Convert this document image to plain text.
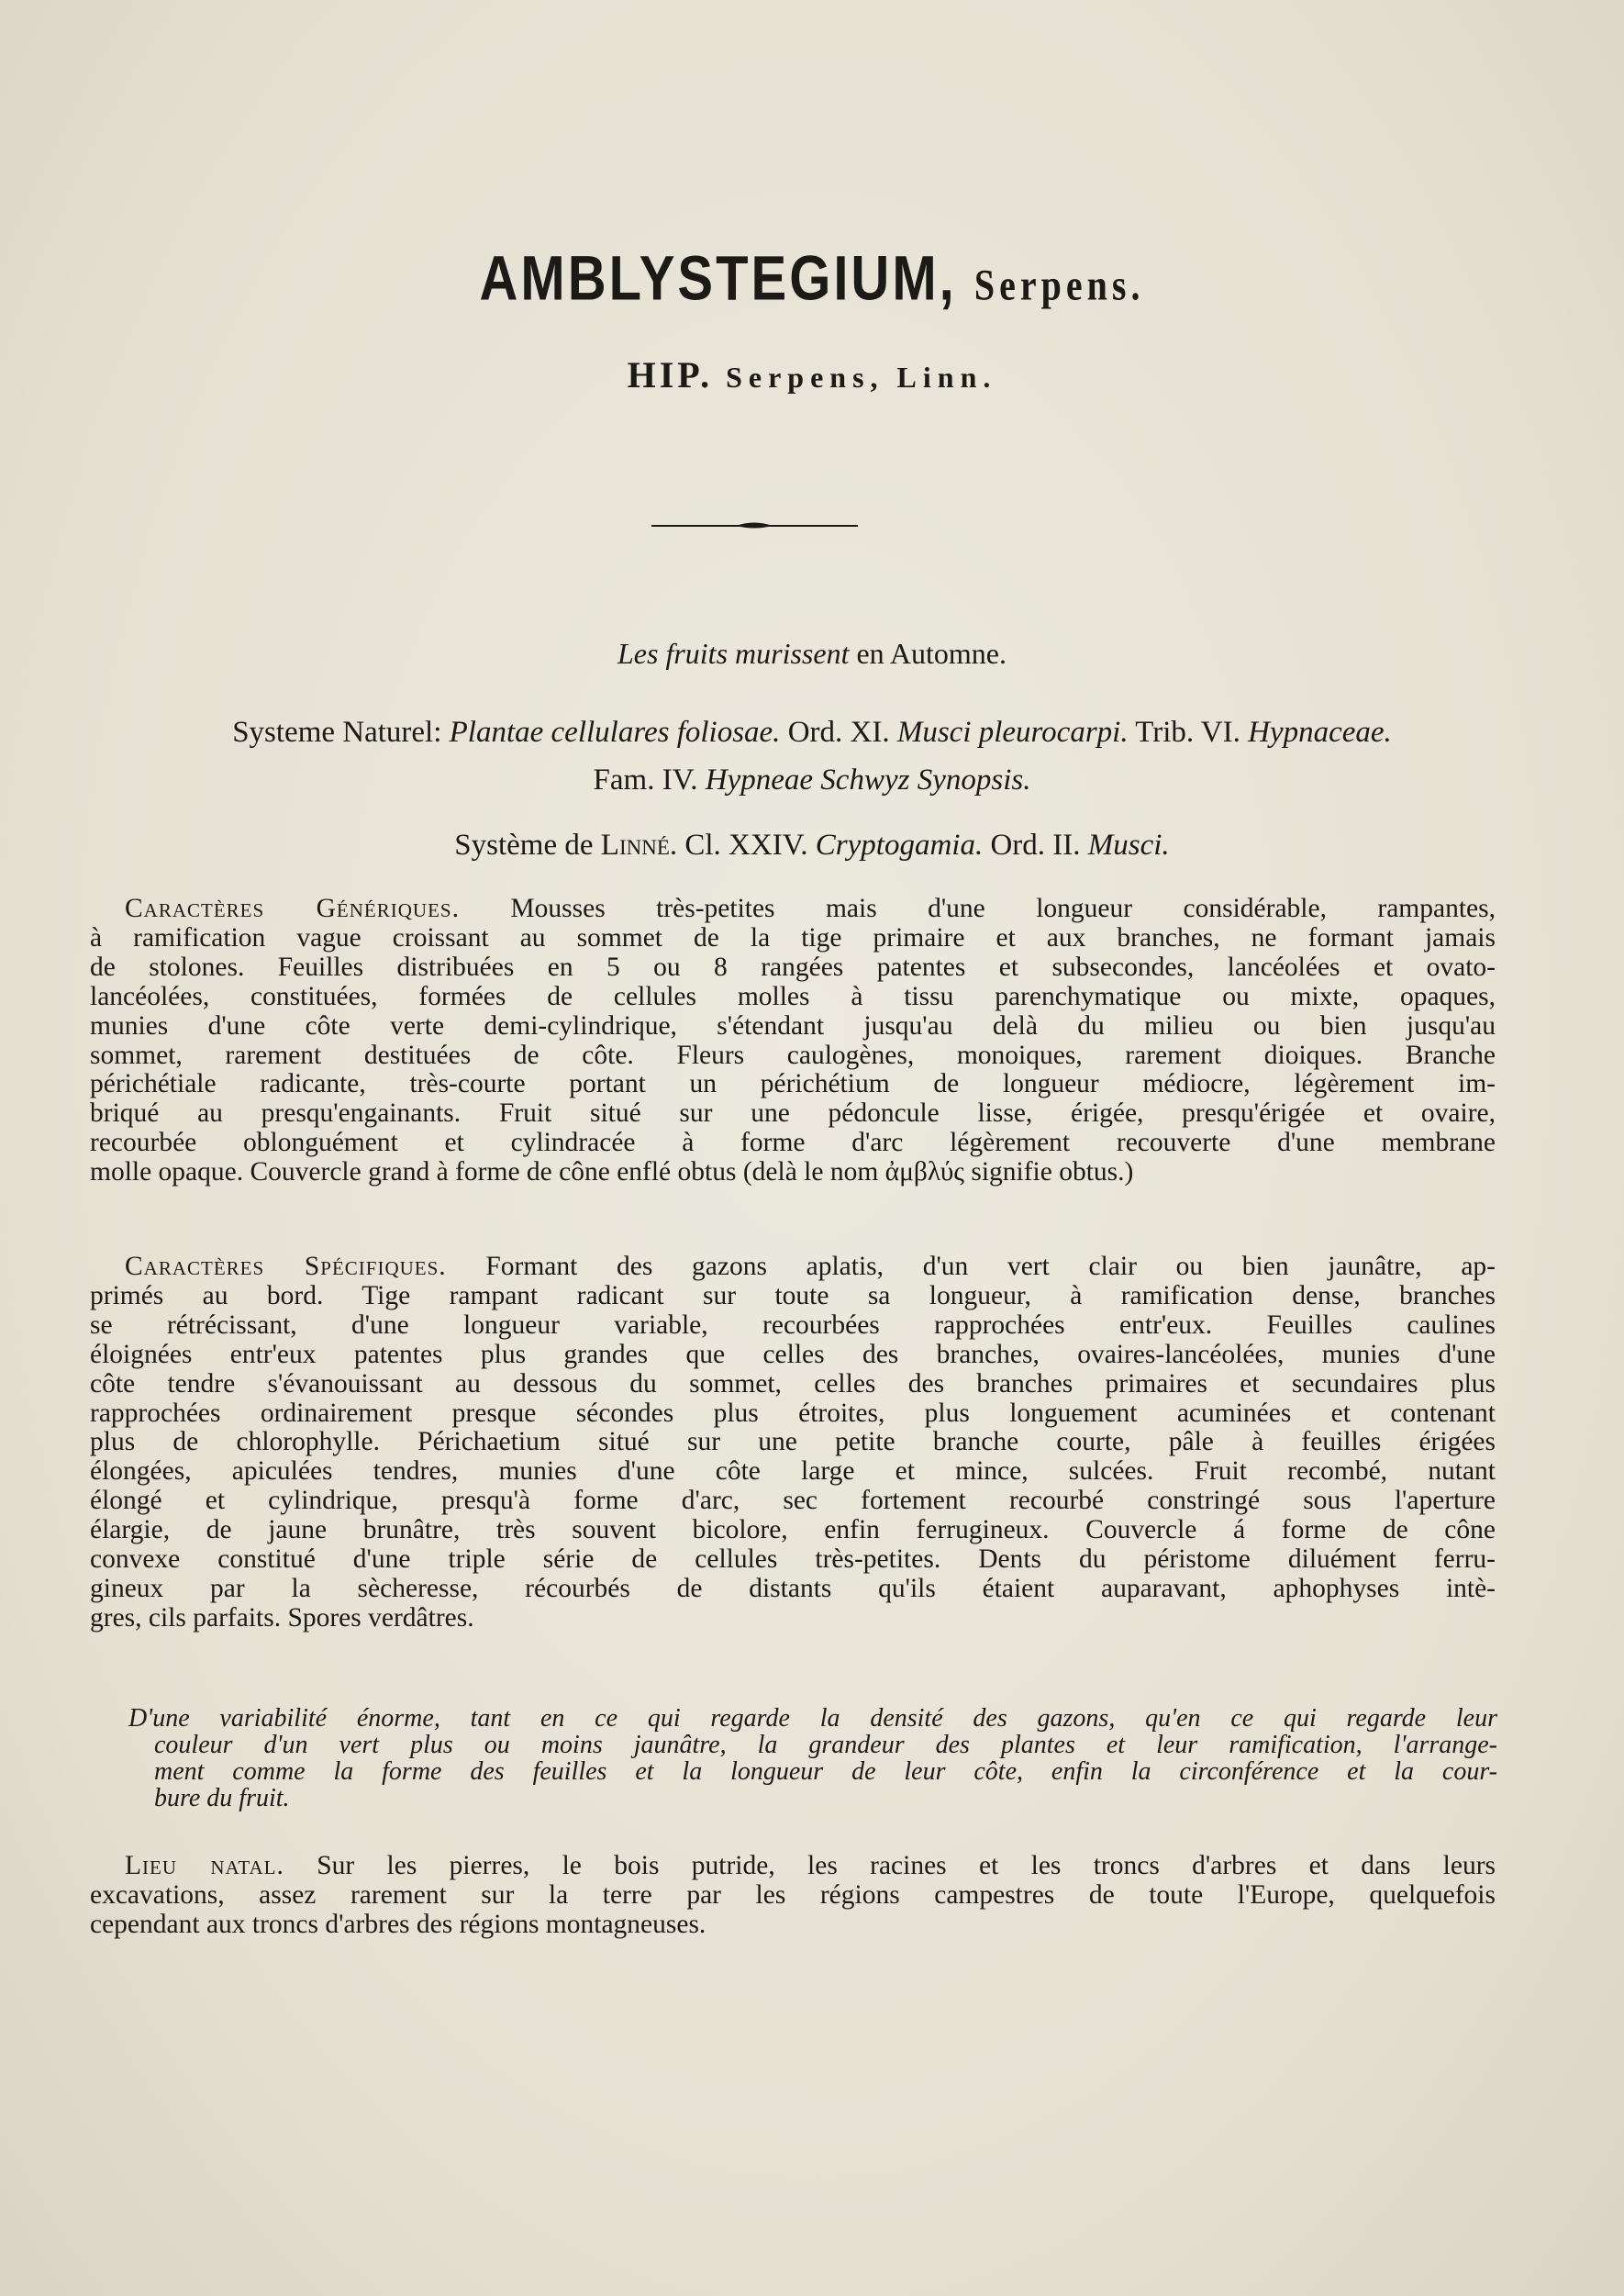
AMBLYSTEGIUM, Serpens.
HIP. Serpens, Linn.
Les fruits murissent en Automne.
Systeme Naturel: Plantae cellulares foliosae. Ord. XI. Musci pleurocarpi. Trib. VI. Hypnaceae.
Fam. IV. Hypneae Schwyz Synopsis.
Système de Linné. Cl. XXIV. Cryptogamia. Ord. II. Musci.
Caractères Génériques. Mousses très-petites mais d'une longueur considérable, rampantes,
à ramification vague croissant au sommet de la tige primaire et aux branches, ne formant jamais
de stolones. Feuilles distribuées en 5 ou 8 rangées patentes et subsecondes, lancéolées et ovato-
lancéolées, constituées, formées de cellules molles à tissu parenchymatique ou mixte, opaques,
munies d'une côte verte demi-cylindrique, s'étendant jusqu'au delà du milieu ou bien jusqu'au
sommet, rarement destituées de côte. Fleurs caulogènes, monoiques, rarement dioiques. Branche
périchétiale radicante, très-courte portant un périchétium de longueur médiocre, légèrement im-
briqué au presqu'engainants. Fruit situé sur une pédoncule lisse, érigée, presqu'érigée et ovaire,
recourbée oblonguément et cylindracée à forme d'arc légèrement recouverte d'une membrane
molle opaque. Couvercle grand à forme de cône enflé obtus (delà le nom ἀμβλύς signifie obtus.)
Caractères Spécifiques. Formant des gazons aplatis, d'un vert clair ou bien jaunâtre, ap-
primés au bord. Tige rampant radicant sur toute sa longueur, à ramification dense, branches
se rétrécissant, d'une longueur variable, recourbées rapprochées entr'eux. Feuilles caulines
éloignées entr'eux patentes plus grandes que celles des branches, ovaires-lancéolées, munies d'une
côte tendre s'évanouissant au dessous du sommet, celles des branches primaires et secundaires plus
rapprochées ordinairement presque sécondes plus étroites, plus longuement acuminées et contenant
plus de chlorophylle. Périchaetium situé sur une petite branche courte, pâle à feuilles érigées
élongées, apiculées tendres, munies d'une côte large et mince, sulcées. Fruit recombé, nutant
élongé et cylindrique, presqu'à forme d'arc, sec fortement recourbé constringé sous l'aperture
élargie, de jaune brunâtre, très souvent bicolore, enfin ferrugineux. Couvercle á forme de cône
convexe constitué d'une triple série de cellules très-petites. Dents du péristome diluément ferru-
gineux par la sècheresse, récourbés de distants qu'ils étaient auparavant, aphophyses intè-
gres, cils parfaits. Spores verdâtres.
D'une variabilité énorme, tant en ce qui regarde la densité des gazons, qu'en ce qui regarde leur
couleur d'un vert plus ou moins jaunâtre, la grandeur des plantes et leur ramification, l'arrange-
ment comme la forme des feuilles et la longueur de leur côte, enfin la circonférence et la cour-
bure du fruit.
Lieu natal. Sur les pierres, le bois putride, les racines et les troncs d'arbres et dans leurs
excavations, assez rarement sur la terre par les régions campestres de toute l'Europe, quelquefois
cependant aux troncs d'arbres des régions montagneuses.
